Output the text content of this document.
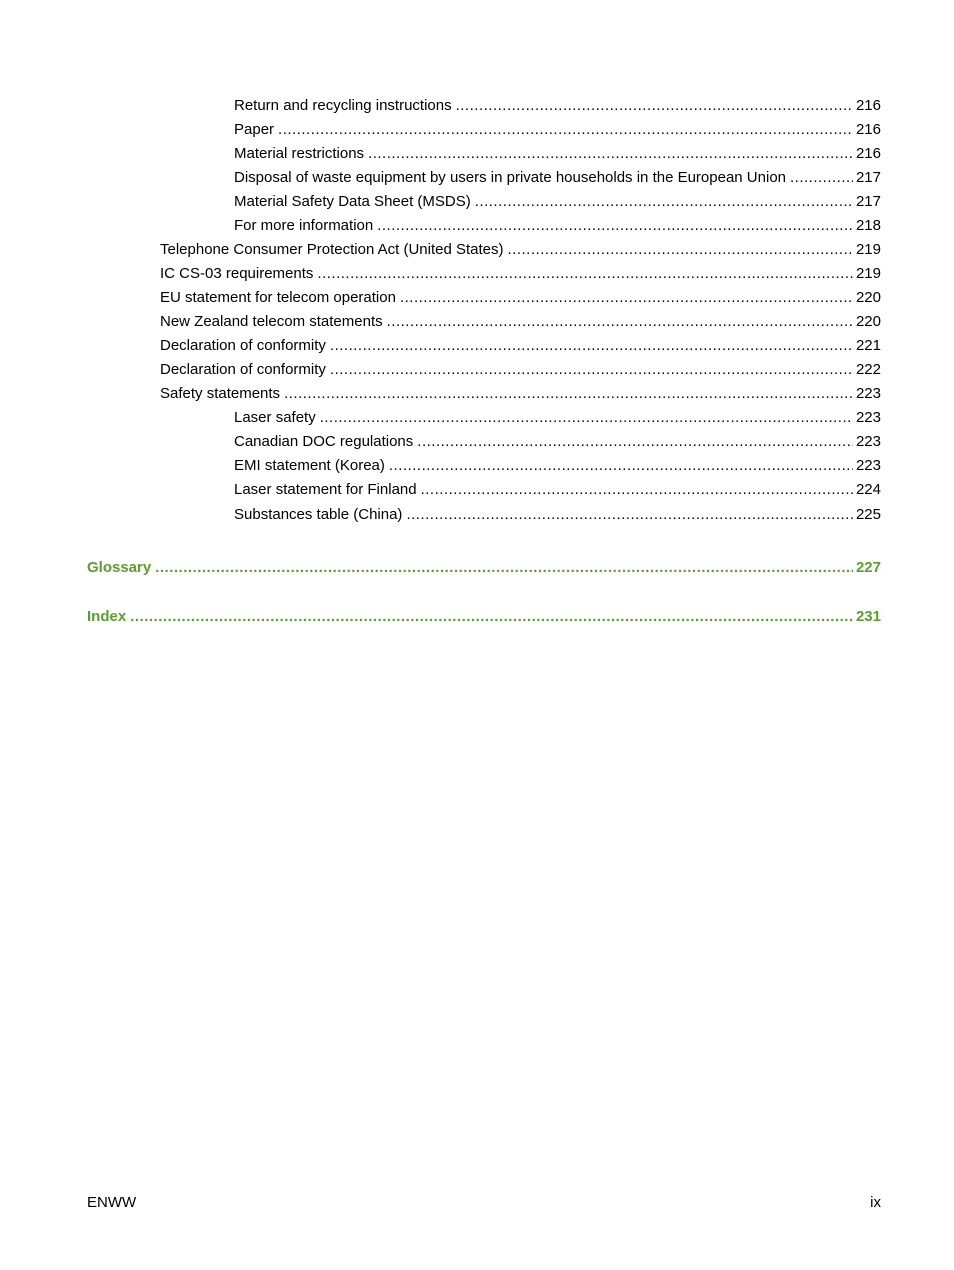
Return and recycling instructions .....	216
Paper .....	216
Material restrictions .....	216
Disposal of waste equipment by users in private households in the European Union .....	217
Material Safety Data Sheet (MSDS) .....	217
For more information .....	218
Telephone Consumer Protection Act (United States) .....	219
IC CS-03 requirements .....	219
EU statement for telecom operation .....	220
New Zealand telecom statements .....	220
Declaration of conformity .....	221
Declaration of conformity .....	222
Safety statements .....	223
Laser safety .....	223
Canadian DOC regulations .....	223
EMI statement (Korea) .....	223
Laser statement for Finland .....	224
Substances table (China) .....	225
Glossary .....	227
Index .....	231
ENWW	ix
